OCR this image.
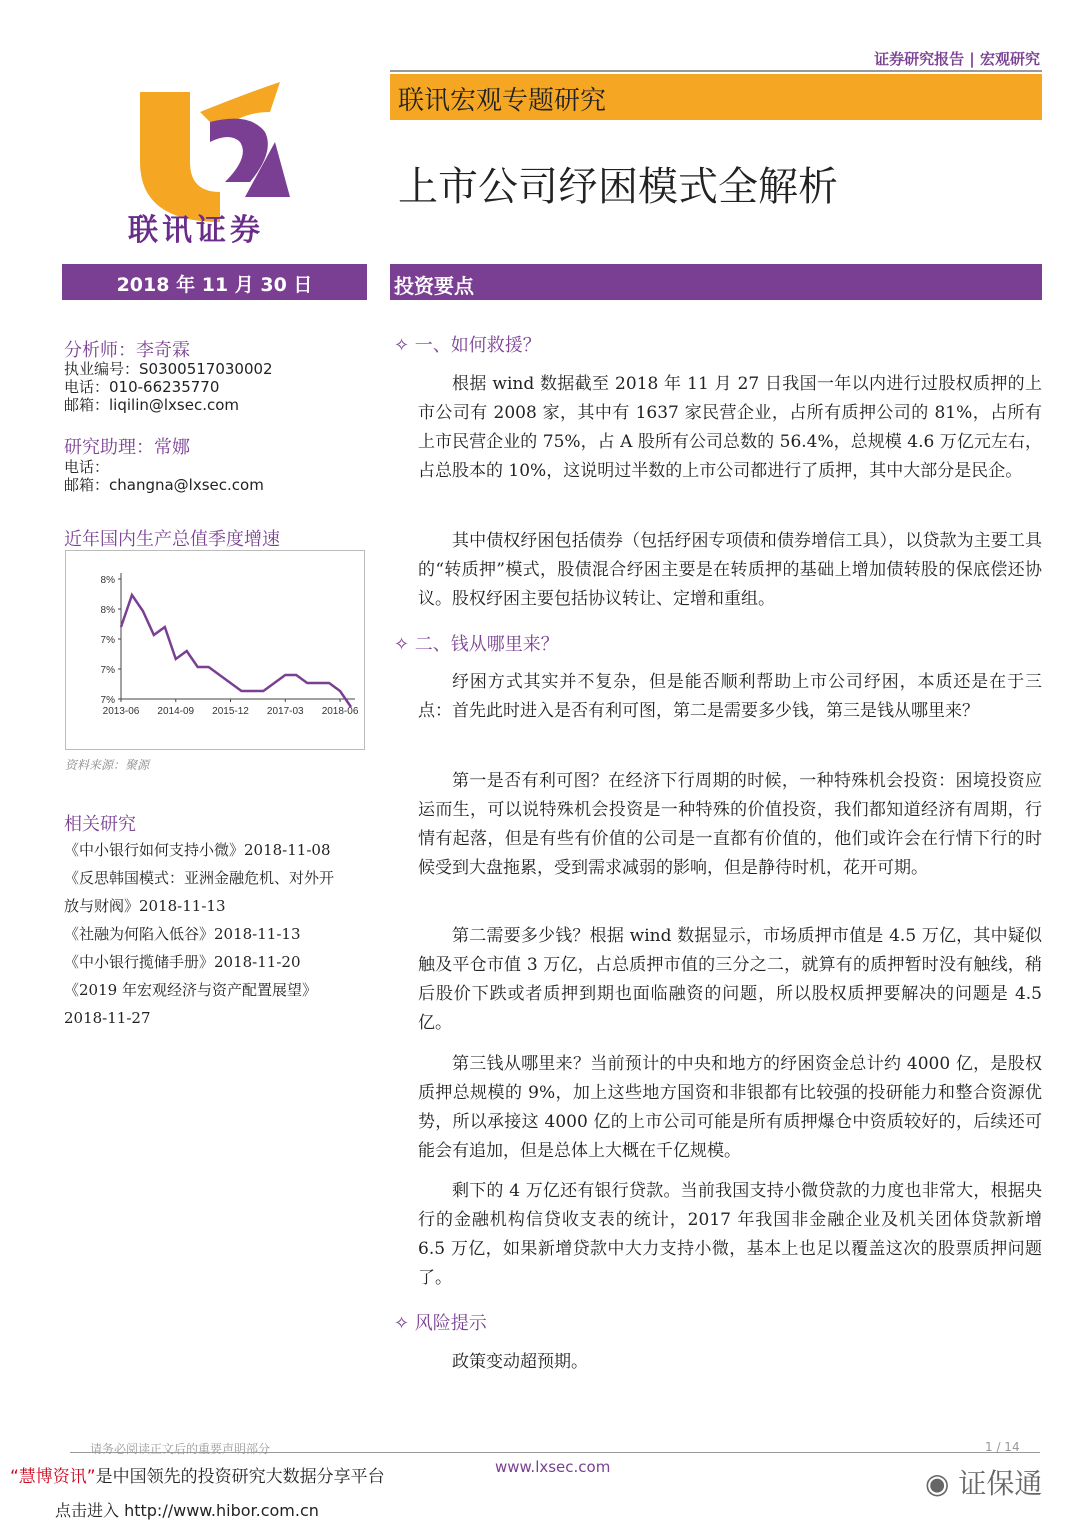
证券研究报告 | 宏观研究
联讯证券
联讯宏观专题研究
上市公司纾困模式全解析
2018 年 11 月 30 日	投资要点
分析师：李奇霖
执业编号：S0300517030002
电话：010-66235770
邮箱：liqilin@lxsec.com
研究助理：常娜
电话：
邮箱：changna@lxsec.com
近年国内生产总值季度增速
8%
8%
7%
7%
7%
2013-06 2014-09 2015-12 2017-03 2018-06
资料来源：聚源
相关研究
《中小银行如何支持小微》2018-11-08
《反思韩国模式：亚洲金融危机、对外开
放与财阀》2018-11-13
《社融为何陷入低谷》2018-11-13
《中小银行揽储手册》2018-11-20
《2019 年宏观经济与资产配置展望》
2018-11-27
✧ 一、如何救援？
根据 wind 数据截至 2018 年 11 月 27 日我国一年以内进行过股权质押的上市公司有 2008 家，其中有 1637 家民营企业，占所有质押公司的 81%，占所有上市民营企业的 75%，占 A 股所有公司总数的 56.4%，总规模 4.6 万亿元左右，占总股本的 10%，这说明过半数的上市公司都进行了质押，其中大部分是民企。
其中债权纾困包括债券（包括纾困专项债和债券增信工具），以贷款为主要工具的“转质押”模式，股债混合纾困主要是在转质押的基础上增加债转股的保底偿还协议。股权纾困主要包括协议转让、定增和重组。
✧ 二、钱从哪里来？
纾困方式其实并不复杂，但是能否顺利帮助上市公司纾困，本质还是在于三点：首先此时进入是否有利可图，第二是需要多少钱，第三是钱从哪里来？
第一是否有利可图？在经济下行周期的时候，一种特殊机会投资：困境投资应运而生，可以说特殊机会投资是一种特殊的价值投资，我们都知道经济有周期，行情有起落，但是有些有价值的公司是一直都有价值的，他们或许会在行情下行的时候受到大盘拖累，受到需求减弱的影响，但是静待时机，花开可期。
第二需要多少钱？根据 wind 数据显示，市场质押市值是 4.5 万亿，其中疑似触及平仓市值 3 万亿，占总质押市值的三分之二，就算有的质押暂时没有触线，稍后股价下跌或者质押到期也面临融资的问题，所以股权质押要解决的问题是 4.5 亿。
第三钱从哪里来？当前预计的中央和地方的纾困资金总计约 4000 亿，是股权质押总规模的 9%，加上这些地方国资和非银都有比较强的投研能力和整合资源优势，所以承接这 4000 亿的上市公司可能是所有质押爆仓中资质较好的，后续还可能会有追加，但是总体上大概在千亿规模。
剩下的 4 万亿还有银行贷款。当前我国支持小微贷款的力度也非常大，根据央行的金融机构信贷收支表的统计，2017 年我国非金融企业及机关团体贷款新增 6.5 万亿，如果新增贷款中大力支持小微，基本上也足以覆盖这次的股票质押问题了。
✧ 风险提示
政策变动超预期。
请务必阅读正文后的重要声明部分
www.lxsec.com
1 / 14
“慧博资讯”是中国领先的投资研究大数据分享平台
点击进入 http://www.hibor.com.cn
◉ 证保通
